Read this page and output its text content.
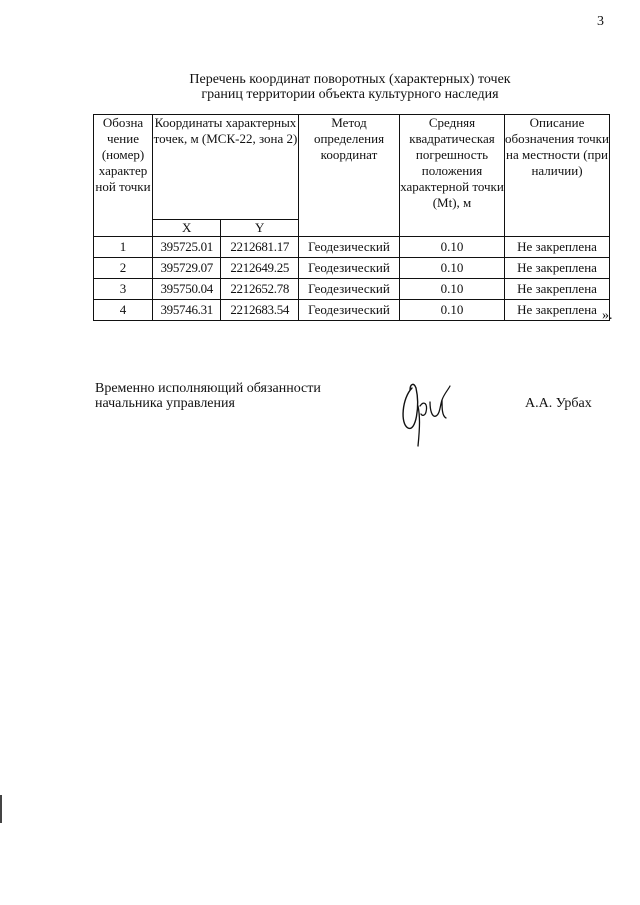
3
Перечень координат поворотных (характерных) точек
границ территории объекта культурного наследия
Обозна чение (номер) характер ной точки	Координаты характерных точек, м (МСК-22, зона 2)		Метод определения координат	Средняя квадратическая погрешность положения характерной точки (Mt), м	Описание обозначения точки на местности (при наличии)
	X	Y			
1	395725.01	2212681.17	Геодезический	0.10	Не закреплена
2	395729.07	2212649.25	Геодезический	0.10	Не закреплена
3	395750.04	2212652.78	Геодезический	0.10	Не закреплена
4	395746.31	2212683.54	Геодезический	0.10	Не закреплена ».
Временно исполняющий обязанности
начальника управления	А.А. Урбах
